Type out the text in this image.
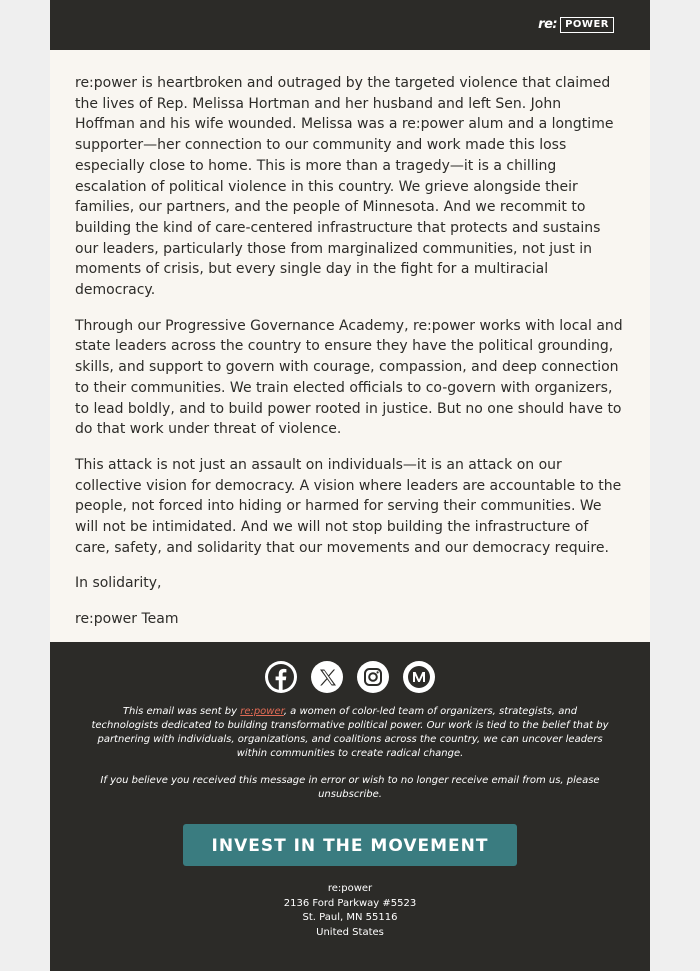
re: POWER

re:power is heartbroken and outraged by the targeted violence that claimed the lives of Rep. Melissa Hortman and her husband and left Sen. John Hoffman and his wife wounded. Melissa was a re:power alum and a longtime supporter—her connection to our community and work made this loss especially close to home. This is more than a tragedy—it is a chilling escalation of political violence in this country. We grieve alongside their families, our partners, and the people of Minnesota. And we recommit to building the kind of care-centered infrastructure that protects and sustains our leaders, particularly those from marginalized communities, not just in moments of crisis, but every single day in the fight for a multiracial democracy.

Through our Progressive Governance Academy, re:power works with local and state leaders across the country to ensure they have the political grounding, skills, and support to govern with courage, compassion, and deep connection to their communities. We train elected officials to co-govern with organizers, to lead boldly, and to build power rooted in justice. But no one should have to do that work under threat of violence.

This attack is not just an assault on individuals—it is an attack on our collective vision for democracy. A vision where leaders are accountable to the people, not forced into hiding or harmed for serving their communities. We will not be intimidated. And we will not stop building the infrastructure of care, safety, and solidarity that our movements and our democracy require.

In solidarity,

re:power Team

This email was sent by re:power, a women of color-led team of organizers, strategists, and technologists dedicated to building transformative political power. Our work is tied to the belief that by partnering with individuals, organizations, and coalitions across the country, we can uncover leaders within communities to create radical change.

If you believe you received this message in error or wish to no longer receive email from us, please unsubscribe.

INVEST IN THE MOVEMENT
re:power
2136 Ford Parkway #5523
St. Paul, MN 55116
United States
